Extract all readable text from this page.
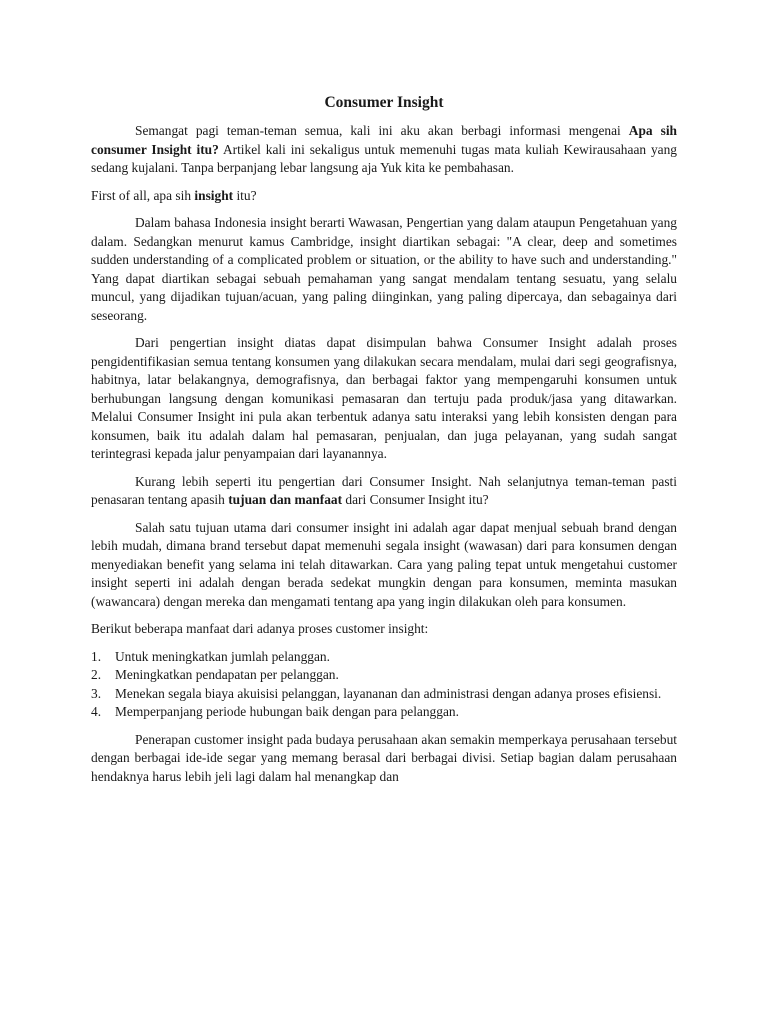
Consumer Insight

Semangat pagi teman-teman semua, kali ini aku akan berbagi informasi mengenai Apa sih consumer Insight itu? Artikel kali ini sekaligus untuk memenuhi tugas mata kuliah Kewirausahaan yang sedang kujalani. Tanpa berpanjang lebar langsung aja Yuk kita ke pembahasan.

First of all, apa sih insight itu?

Dalam bahasa Indonesia insight berarti Wawasan, Pengertian yang dalam ataupun Pengetahuan yang dalam. Sedangkan menurut kamus Cambridge, insight diartikan sebagai: "A clear, deep and sometimes sudden understanding of a complicated problem or situation, or the ability to have such and understanding." Yang dapat diartikan sebagai sebuah pemahaman yang sangat mendalam tentang sesuatu, yang selalu muncul, yang dijadikan tujuan/acuan, yang paling diinginkan, yang paling dipercaya, dan sebagainya dari seseorang.

Dari pengertian insight diatas dapat disimpulan bahwa Consumer Insight adalah proses pengidentifikasian semua tentang konsumen yang dilakukan secara mendalam, mulai dari segi geografisnya, habitnya, latar belakangnya, demografisnya, dan berbagai faktor yang mempengaruhi konsumen untuk berhubungan langsung dengan komunikasi pemasaran dan tertuju pada produk/jasa yang ditawarkan. Melalui Consumer Insight ini pula akan terbentuk adanya satu interaksi yang lebih konsisten dengan para konsumen, baik itu adalah dalam hal pemasaran, penjualan, dan juga pelayanan, yang sudah sangat terintegrasi kepada jalur penyampaian dari layanannya.

Kurang lebih seperti itu pengertian dari Consumer Insight. Nah selanjutnya teman-teman pasti penasaran tentang apasih tujuan dan manfaat dari Consumer Insight itu?

Salah satu tujuan utama dari consumer insight ini adalah agar dapat menjual sebuah brand dengan lebih mudah, dimana brand tersebut dapat memenuhi segala insight (wawasan) dari para konsumen dengan menyediakan benefit yang selama ini telah ditawarkan. Cara yang paling tepat untuk mengetahui customer insight seperti ini adalah dengan berada sedekat mungkin dengan para konsumen, meminta masukan (wawancara) dengan mereka dan mengamati tentang apa yang ingin dilakukan oleh para konsumen.

Berikut beberapa manfaat dari adanya proses customer insight:

1. Untuk meningkatkan jumlah pelanggan.
2. Meningkatkan pendapatan per pelanggan.
3. Menekan segala biaya akuisisi pelanggan, layananan dan administrasi dengan adanya proses efisiensi.
4. Memperpanjang periode hubungan baik dengan para pelanggan.

Penerapan customer insight pada budaya perusahaan akan semakin memperkaya perusahaan tersebut dengan berbagai ide-ide segar yang memang berasal dari berbagai divisi. Setiap bagian dalam perusahaan hendaknya harus lebih jeli lagi dalam hal menangkap dan
